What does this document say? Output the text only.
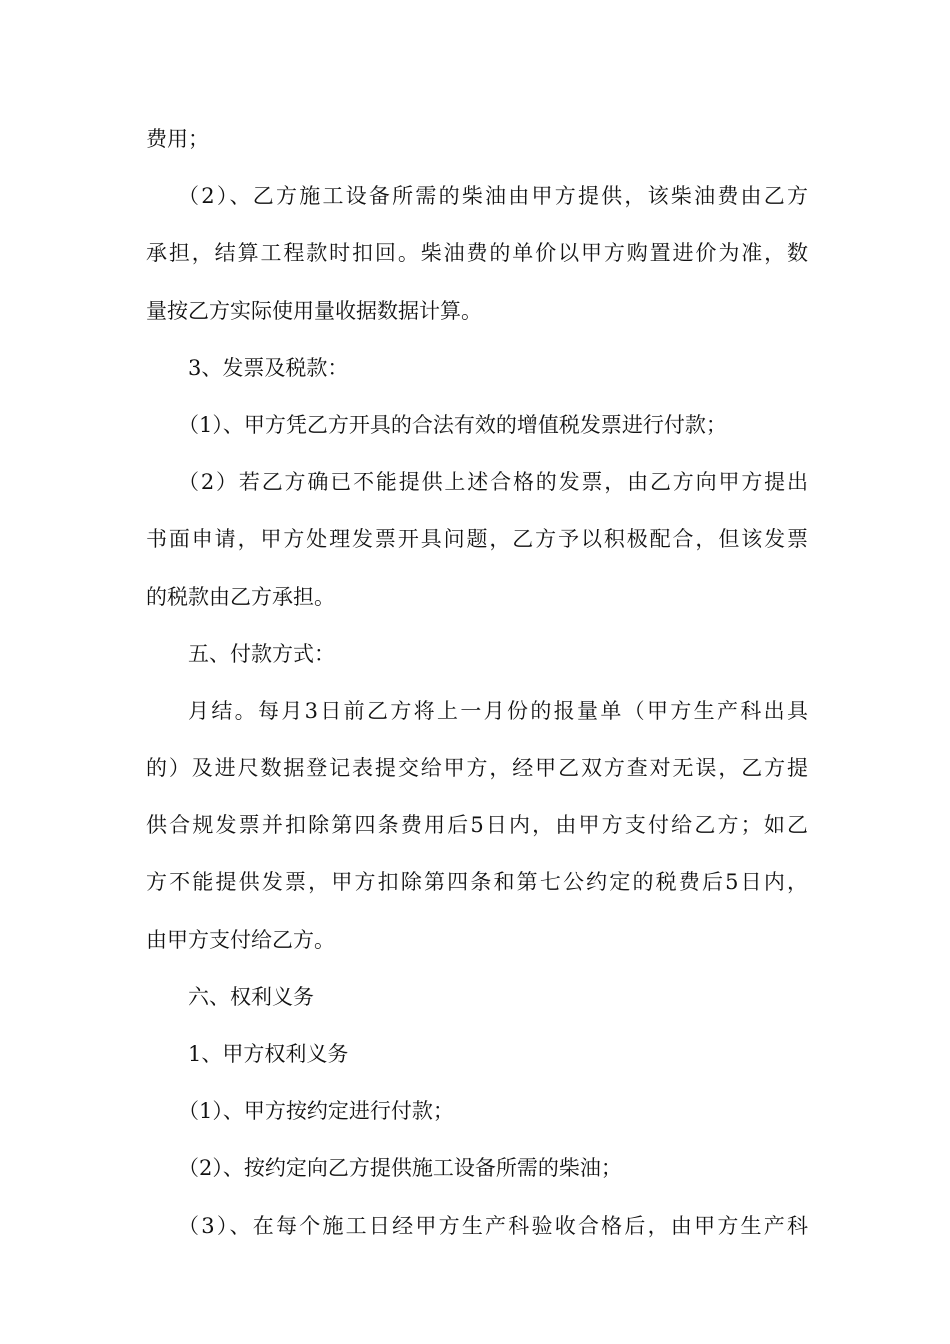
费用；
（2）、乙方施工设备所需的柴油由甲方提供，该柴油费由乙方
承担，结算工程款时扣回。柴油费的单价以甲方购置进价为准，数
量按乙方实际使用量收据数据计算。
3、发票及税款：
（1）、甲方凭乙方开具的合法有效的增值税发票进行付款；
（2）若乙方确已不能提供上述合格的发票，由乙方向甲方提出
书面申请，甲方处理发票开具问题，乙方予以积极配合，但该发票
的税款由乙方承担。
五、付款方式：
月结。每月3日前乙方将上一月份的报量单（甲方生产科出具
的）及进尺数据登记表提交给甲方，经甲乙双方查对无误，乙方提
供合规发票并扣除第四条费用后5日内，由甲方支付给乙方；如乙
方不能提供发票，甲方扣除第四条和第七公约定的税费后5日内，
由甲方支付给乙方。
六、权利义务
1、甲方权利义务
（1）、甲方按约定进行付款；
（2）、按约定向乙方提供施工设备所需的柴油；
（3）、在每个施工日经甲方生产科验收合格后，由甲方生产科
